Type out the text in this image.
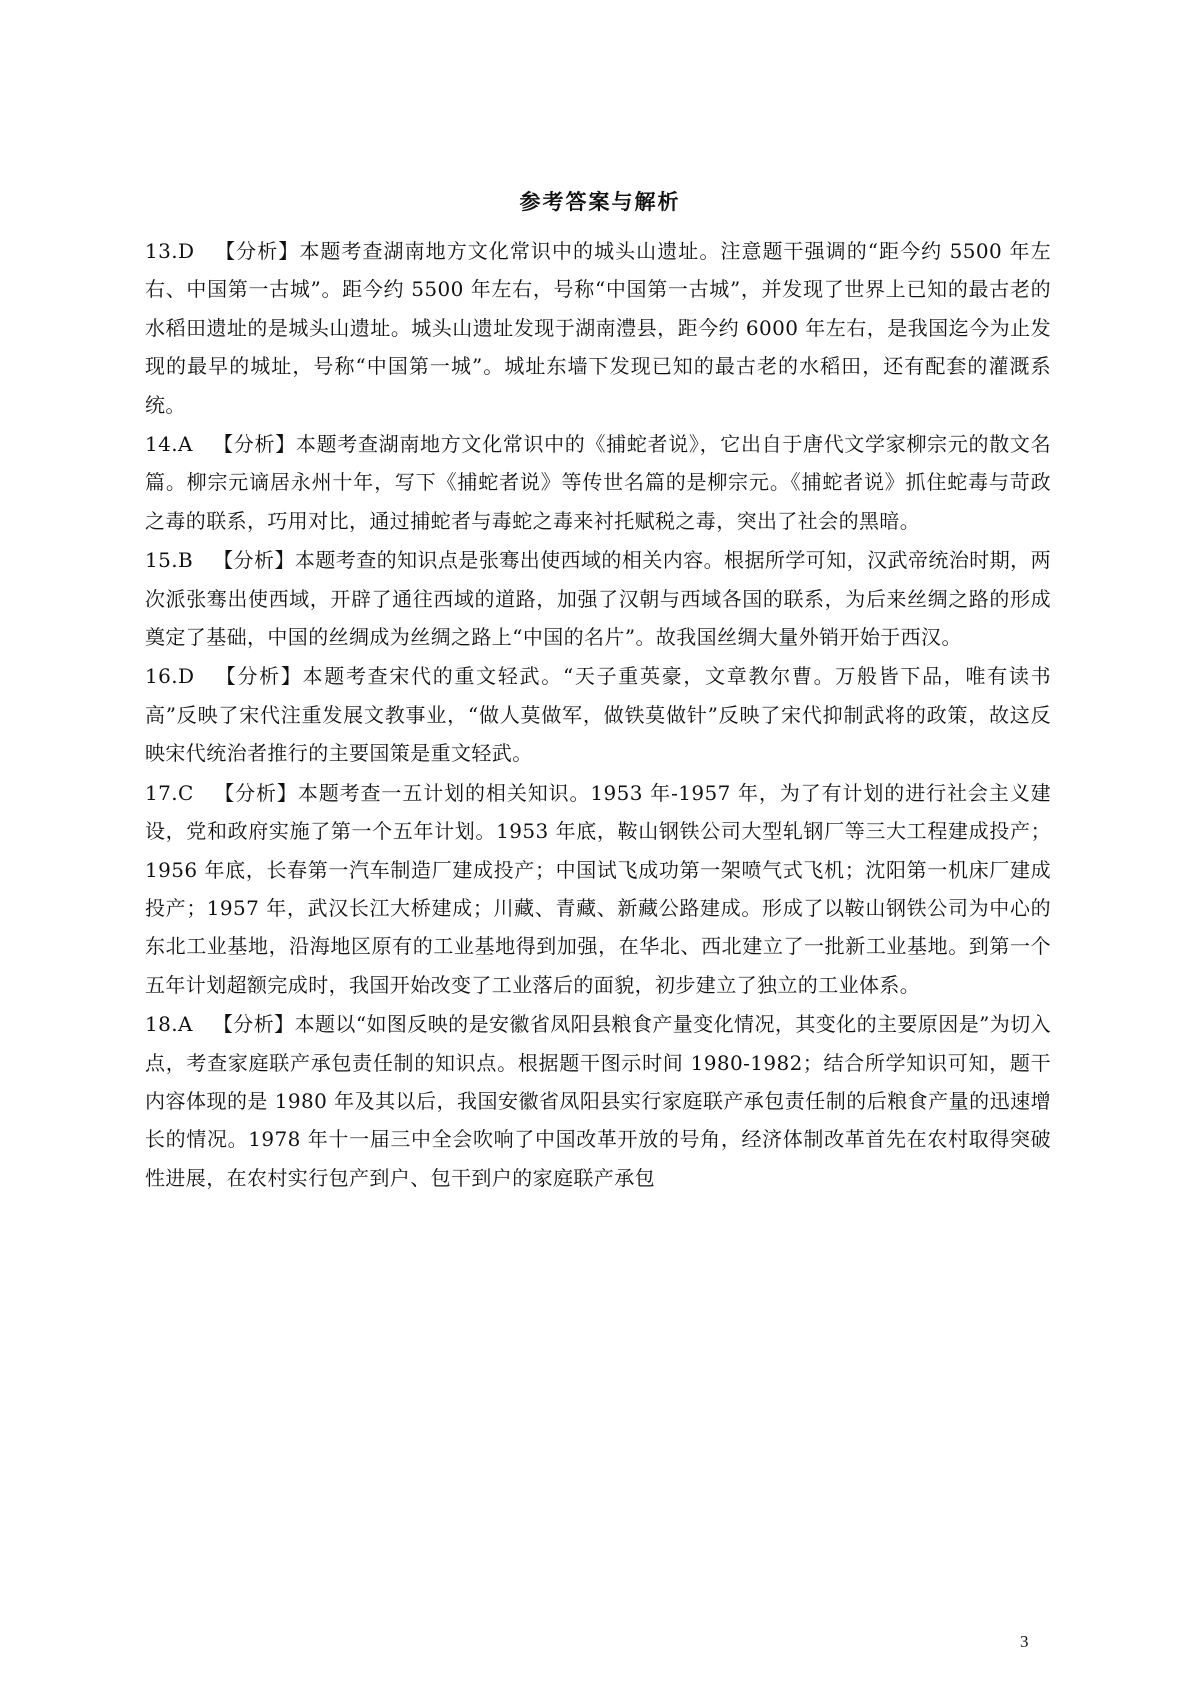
参考答案与解析

13.D 【分析】本题考查湖南地方文化常识中的城头山遗址。注意题干强调的“距今约 5500 年左右、中国第一古城”。距今约 5500 年左右，号称“中国第一古城”，并发现了世界上已知的最古老的水稻田遗址的是城头山遗址。城头山遗址发现于湖南澧县，距今约 6000 年左右，是我国迄今为止发现的最早的城址，号称“中国第一城”。城址东墙下发现已知的最古老的水稻田，还有配套的灌溉系统。

14.A 【分析】本题考查湖南地方文化常识中的《捕蛇者说》，它出自于唐代文学家柳宗元的散文名篇。柳宗元谪居永州十年，写下《捕蛇者说》等传世名篇的是柳宗元。《捕蛇者说》抓住蛇毒与苛政之毒的联系，巧用对比，通过捕蛇者与毒蛇之毒来衬托赋税之毒，突出了社会的黑暗。

15.B 【分析】本题考查的知识点是张骞出使西域的相关内容。根据所学可知，汉武帝统治时期，两次派张骞出使西域，开辟了通往西域的道路，加强了汉朝与西域各国的联系，为后来丝绸之路的形成奠定了基础，中国的丝绸成为丝绸之路上“中国的名片”。故我国丝绸大量外销开始于西汉。

16.D 【分析】本题考查宋代的重文轻武。“天子重英豪，文章教尔曹。万般皆下品，唯有读书高”反映了宋代注重发展文教事业，“做人莫做军，做铁莫做针”反映了宋代抑制武将的政策，故这反映宋代统治者推行的主要国策是重文轻武。

17.C 【分析】本题考查一五计划的相关知识。1953 年-1957 年，为了有计划的进行社会主义建设，党和政府实施了第一个五年计划。1953 年底，鞍山钢铁公司大型轧钢厂等三大工程建成投产；1956 年底，长春第一汽车制造厂建成投产；中国试飞成功第一架喷气式飞机；沈阳第一机床厂建成投产；1957 年，武汉长江大桥建成；川藏、青藏、新藏公路建成。形成了以鞍山钢铁公司为中心的东北工业基地，沿海地区原有的工业基地得到加强，在华北、西北建立了一批新工业基地。到第一个五年计划超额完成时，我国开始改变了工业落后的面貌，初步建立了独立的工业体系。

18.A 【分析】本题以“如图反映的是安徽省凤阳县粮食产量变化情况，其变化的主要原因是”为切入点，考查家庭联产承包责任制的知识点。根据题干图示时间 1980-1982；结合所学知识可知，题干内容体现的是 1980 年及其以后，我国安徽省凤阳县实行家庭联产承包责任制的后粮食产量的迅速增长的情况。1978 年十一届三中全会吹响了中国改革开放的号角，经济体制改革首先在农村取得突破性进展，在农村实行包产到户、包干到户的家庭联产承包

3
